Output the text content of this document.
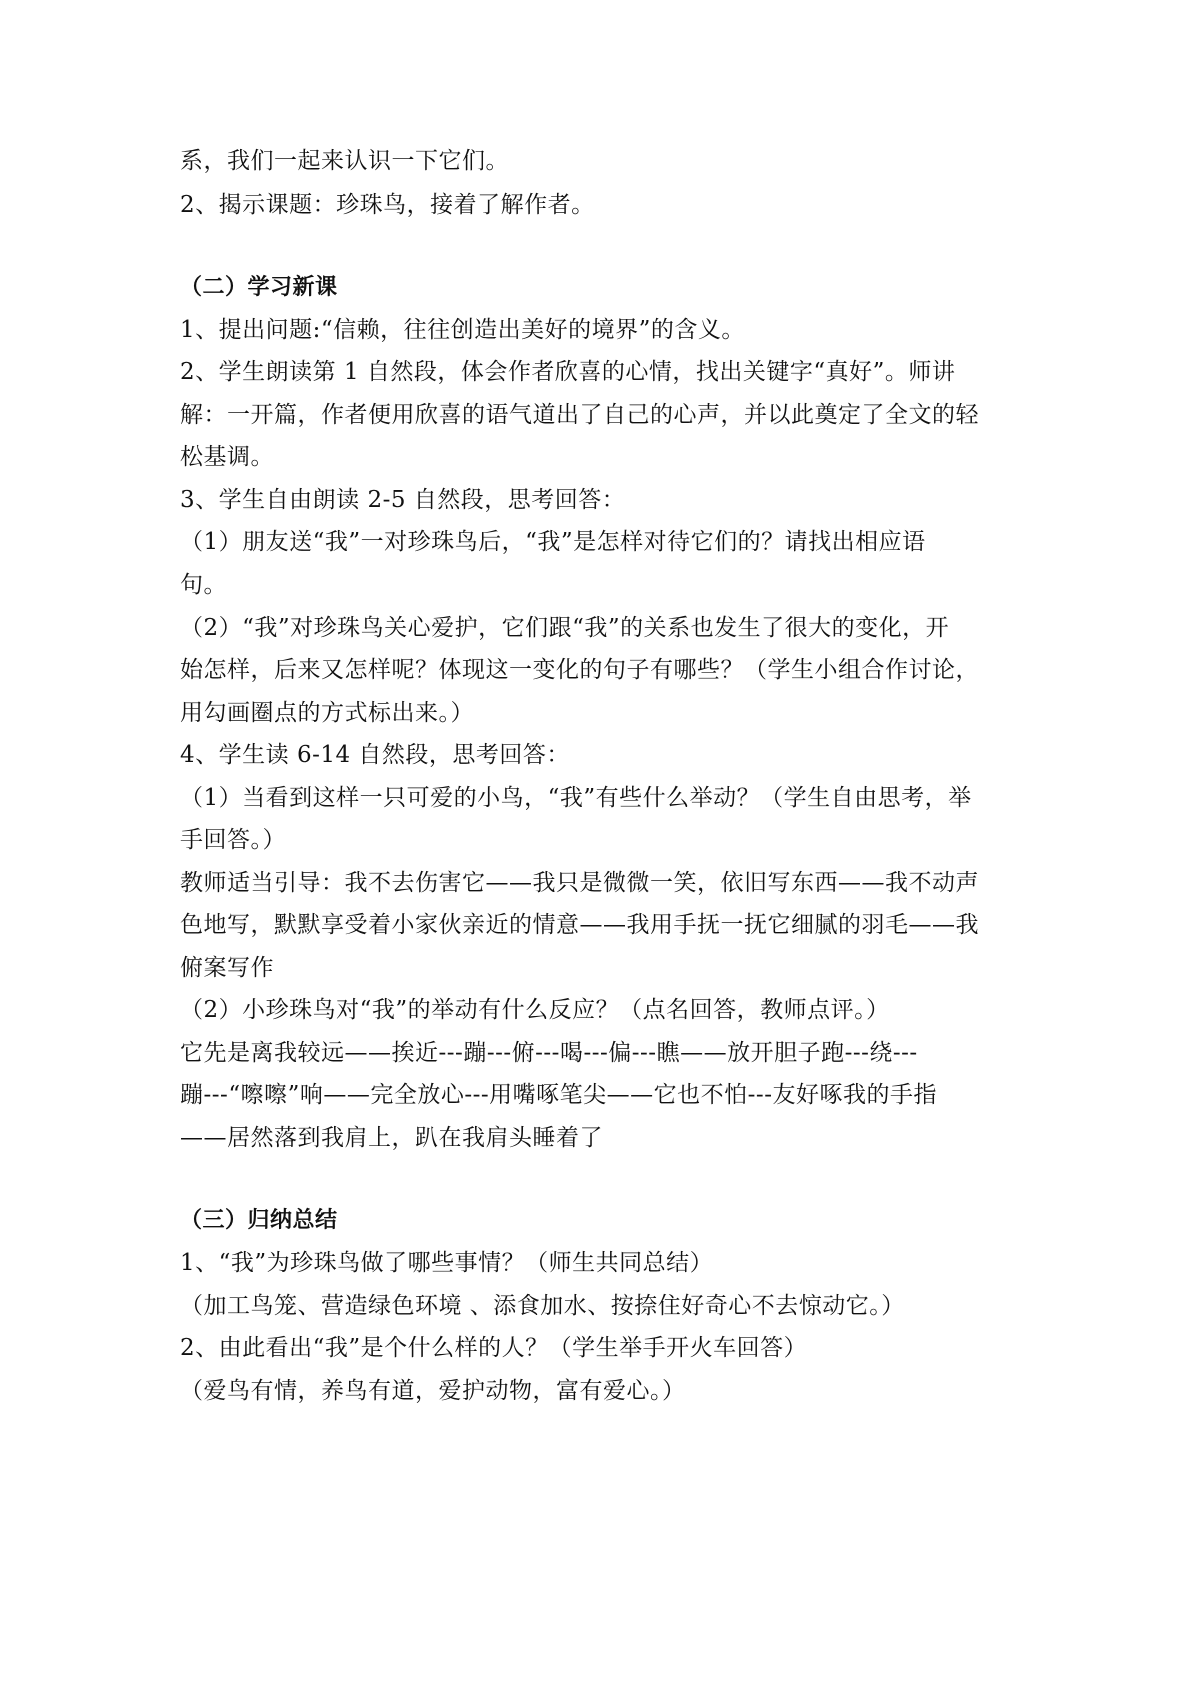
系，我们一起来认识一下它们。
2、揭示课题：珍珠鸟，接着了解作者。
（二）学习新课
1、提出问题:“信赖，往往创造出美好的境界”的含义。
2、学生朗读第 1 自然段，体会作者欣喜的心情，找出关键字“真好”。师讲
解：一开篇，作者便用欣喜的语气道出了自己的心声，并以此奠定了全文的轻
松基调。
3、学生自由朗读 2-5 自然段，思考回答：
（1）朋友送“我”一对珍珠鸟后，“我”是怎样对待它们的？请找出相应语
句。
（2）“我”对珍珠鸟关心爱护，它们跟“我”的关系也发生了很大的变化，开
始怎样，后来又怎样呢？体现这一变化的句子有哪些？（学生小组合作讨论，
用勾画圈点的方式标出来。）
4、学生读 6-14 自然段，思考回答：
（1）当看到这样一只可爱的小鸟，“我”有些什么举动？（学生自由思考，举
手回答。）
教师适当引导：我不去伤害它——我只是微微一笑，依旧写东西——我不动声
色地写，默默享受着小家伙亲近的情意——我用手抚一抚它细腻的羽毛——我
俯案写作
（2）小珍珠鸟对“我”的举动有什么反应？（点名回答，教师点评。）
它先是离我较远——挨近---蹦---俯---喝---偏---瞧——放开胆子跑---绕---
蹦---“嚓嚓”响——完全放心---用嘴啄笔尖——它也不怕---友好啄我的手指
——居然落到我肩上，趴在我肩头睡着了
（三）归纳总结
1、“我”为珍珠鸟做了哪些事情？（师生共同总结）
（加工鸟笼、营造绿色环境 、添食加水、按捺住好奇心不去惊动它。）
2、由此看出“我”是个什么样的人？（学生举手开火车回答）
（爱鸟有情，养鸟有道，爱护动物，富有爱心。）
